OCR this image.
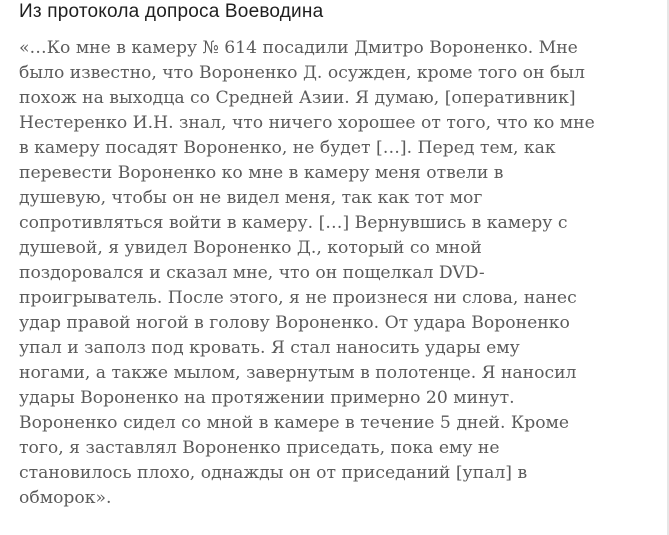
Из протокола допроса Воеводина
«…Ко мне в камеру № 614 посадили Дмитро Вороненко. Мне
было известно, что Вороненко Д. осужден, кроме того он был
похож на выходца со Средней Азии. Я думаю, [оперативник]
Нестеренко И.Н. знал, что ничего хорошее от того, что ко мне
в камеру посадят Вороненко, не будет […]. Перед тем, как
перевести Вороненко ко мне в камеру меня отвели в
душевую, чтобы он не видел меня, так как тот мог
сопротивляться войти в камеру. […] Вернувшись в камеру с
душевой, я увидел Вороненко Д., который со мной
поздоровался и сказал мне, что он пощелкал DVD-
проигрыватель. После этого, я не произнеся ни слова, нанес
удар правой ногой в голову Вороненко. От удара Вороненко
упал и заполз под кровать. Я стал наносить удары ему
ногами, а также мылом, завернутым в полотенце. Я наносил
удары Вороненко на протяжении примерно 20 минут.
Вороненко сидел со мной в камере в течение 5 дней. Кроме
того, я заставлял Вороненко приседать, пока ему не
становилось плохо, однажды он от приседаний [упал] в
обморок».
